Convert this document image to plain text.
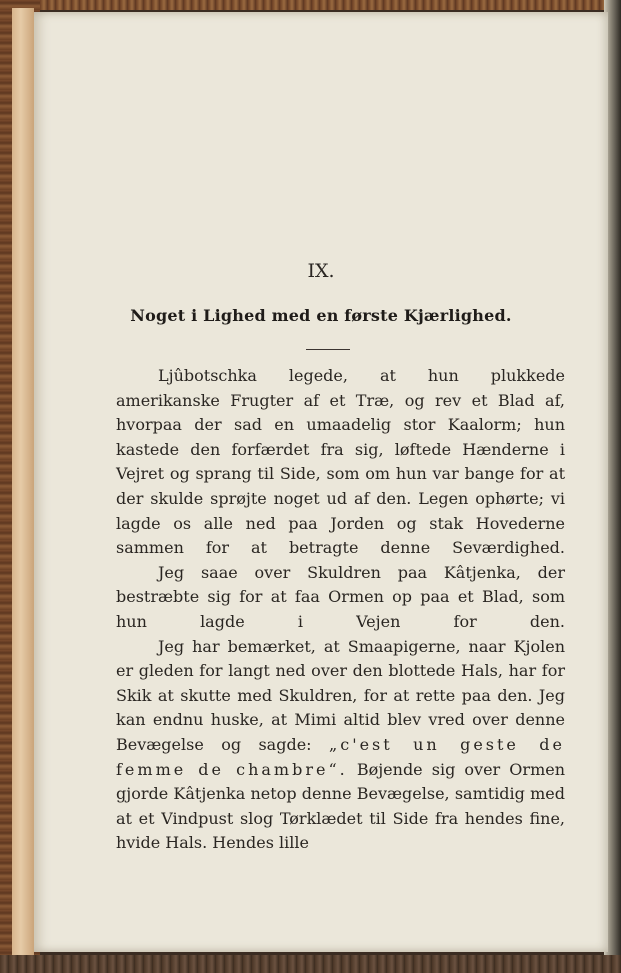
IX.
Noget i Lighed med en første Kjærlighed.

Ljûbotschka legede, at hun plukkede amerikanske Frugter af et Træ, og rev et Blad af, hvorpaa der sad en umaadelig stor Kaalorm; hun kastede den forfærdet fra sig, løftede Hænderne i Vejret og sprang til Side, som om hun var bange for at der skulde sprøjte noget ud af den. Legen ophørte; vi lagde os alle ned paa Jorden og stak Hovederne sammen for at betragte denne Seværdighed.

Jeg saae over Skuldren paa Kâtjenka, der bestræbte sig for at faa Ormen op paa et Blad, som hun lagde i Vejen for den.

Jeg har bemærket, at Smaapigerne, naar Kjolen er gleden for langt ned over den blottede Hals, har for Skik at skutte med Skuldren, for at rette paa den. Jeg kan endnu huske, at Mimi altid blev vred over denne Bevægelse og sagde: „c'est un geste de femme de chambre“. Bøjende sig over Ormen gjorde Kâtjenka netop denne Bevægelse, samtidig med at et Vindpust slog Tørklædet til Side fra hendes fine, hvide Hals. Hendes lille
